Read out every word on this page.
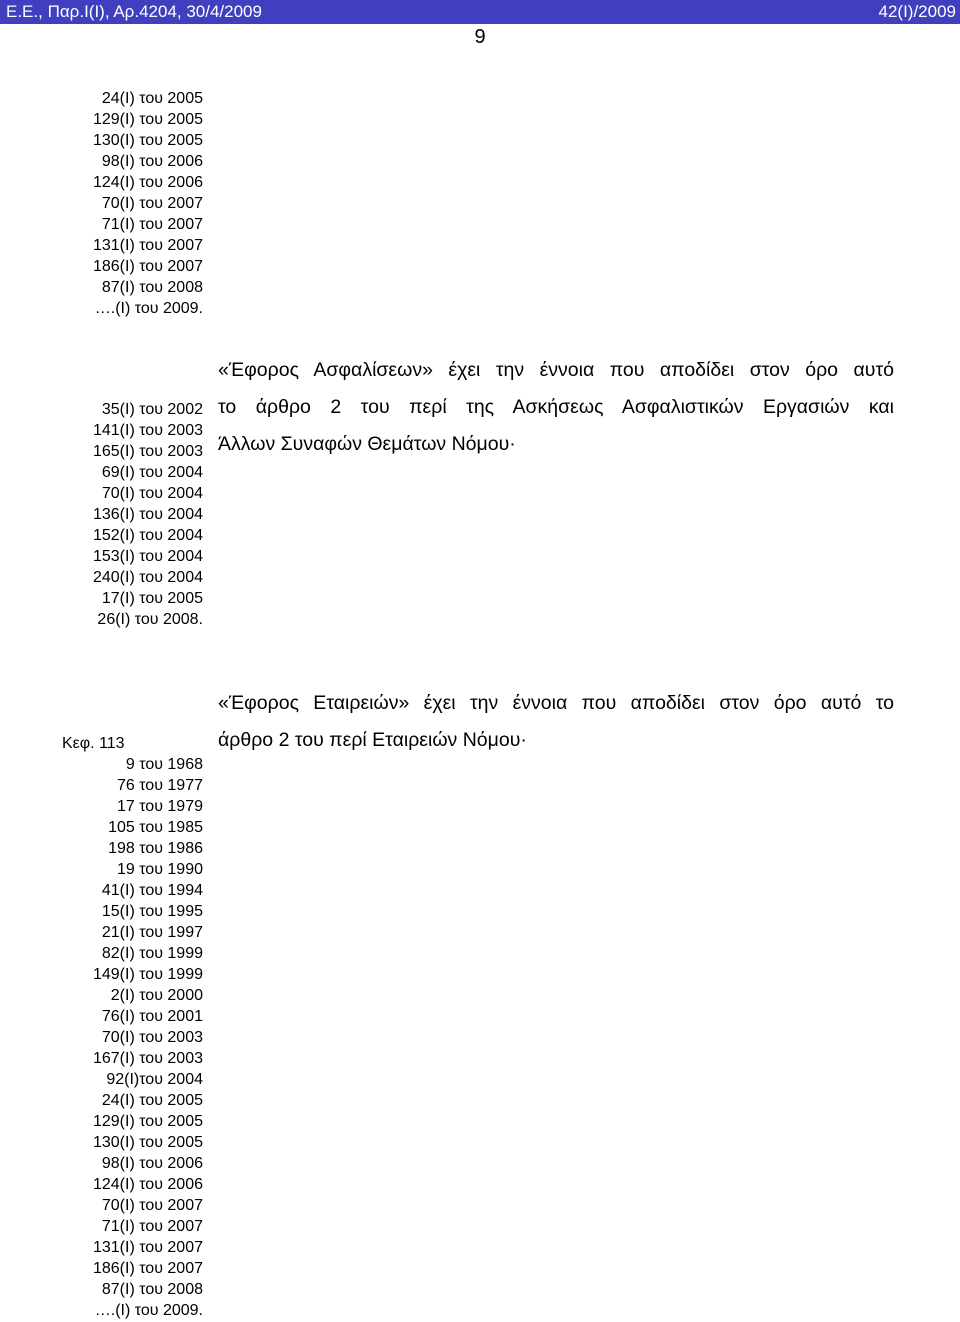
Ε.Ε., Παρ.Ι(Ι), Αρ.4204, 30/4/2009	42(Ι)/2009
9
24(Ι) του 2005
129(Ι) του 2005
130(Ι) του 2005
98(Ι) του 2006
124(Ι) του 2006
70(Ι) του 2007
71(Ι) του 2007
131(Ι) του 2007
186(Ι) του 2007
87(Ι) του 2008
….(Ι) του 2009.
«Έφορος Ασφαλίσεων» έχει την έννοια που αποδίδει στον όρο αυτό
το άρθρο 2 του περί της Ασκήσεως Ασφαλιστικών Εργασιών και
Άλλων Συναφών Θεμάτων Νόμου·
35(Ι) του 2002
141(Ι) του 2003
165(Ι) του 2003
69(Ι) του 2004
70(Ι) του 2004
136(Ι) του 2004
152(Ι) του 2004
153(Ι) του 2004
240(Ι) του 2004
17(Ι) του 2005
26(Ι) του 2008.
«Έφορος Εταιρειών» έχει την έννοια που αποδίδει στον όρο αυτό το
άρθρο 2 του περί Εταιρειών Νόμου·
Κεφ. 113
9 του 1968
76 του 1977
17 του 1979
105 του 1985
198 του 1986
19 του 1990
41(Ι) του 1994
15(Ι) του 1995
21(Ι) του 1997
82(Ι) του 1999
149(Ι) του 1999
2(Ι) του 2000
76(Ι) του 2001
70(Ι) του 2003
167(Ι) του 2003
92(Ι)του 2004
24(Ι) του 2005
129(Ι) του 2005
130(Ι) του 2005
98(Ι) του 2006
124(Ι) του 2006
70(Ι) του 2007
71(Ι) του 2007
131(Ι) του 2007
186(Ι) του 2007
87(Ι) του 2008
….(Ι) του 2009.
